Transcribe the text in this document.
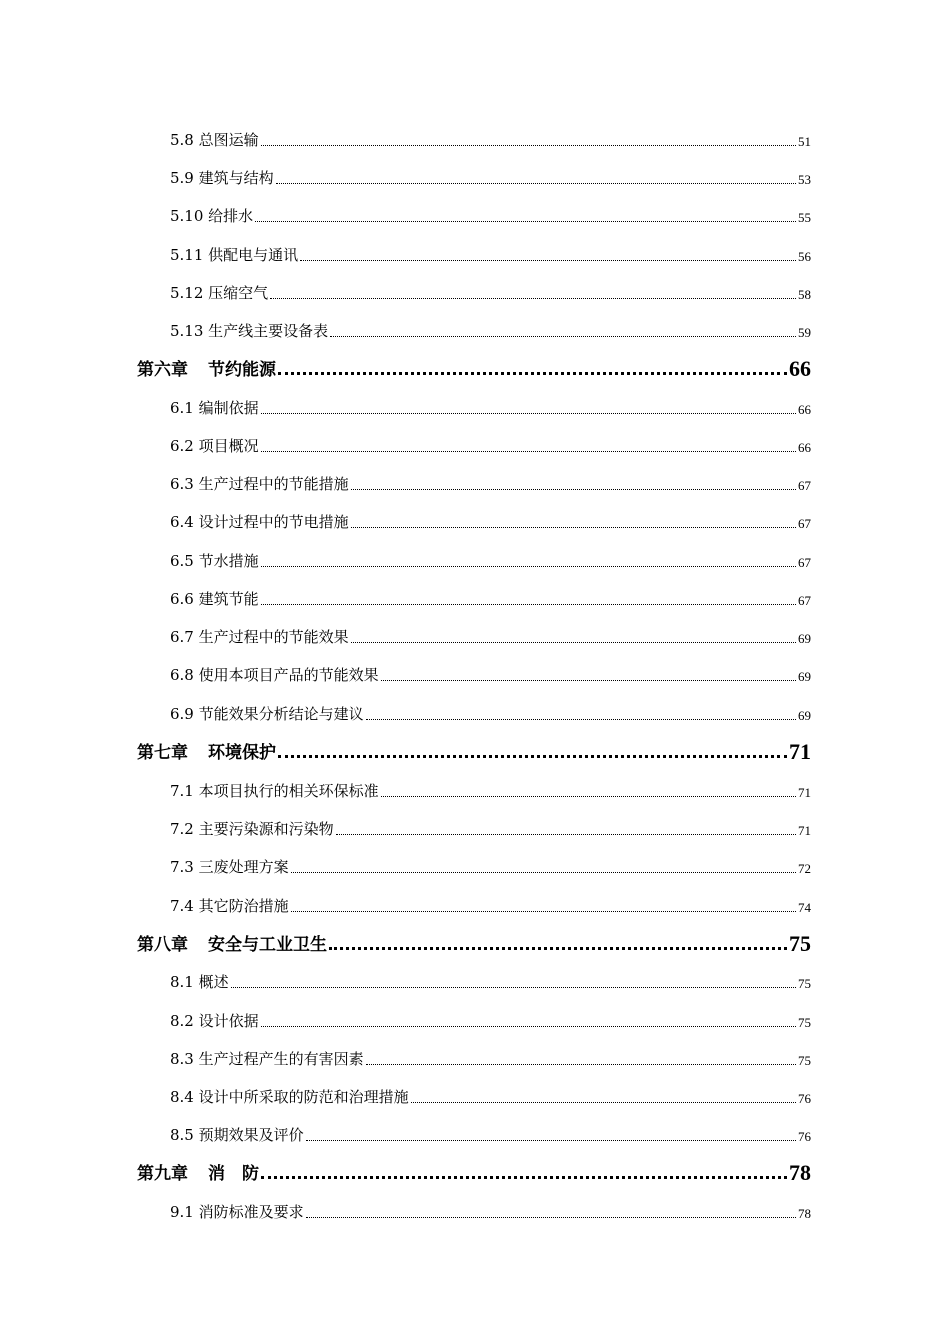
5.8 总图运输	51
5.9 建筑与结构	53
5.10 给排水	55
5.11 供配电与通讯	56
5.12 压缩空气	58
5.13 生产线主要设备表	59
第六章 节约能源	66
6.1 编制依据	66
6.2 项目概况	66
6.3 生产过程中的节能措施	67
6.4 设计过程中的节电措施	67
6.5 节水措施	67
6.6 建筑节能	67
6.7 生产过程中的节能效果	69
6.8 使用本项目产品的节能效果	69
6.9 节能效果分析结论与建议	69
第七章 环境保护	71
7.1 本项目执行的相关环保标准	71
7.2 主要污染源和污染物	71
7.3 三废处理方案	72
7.4 其它防治措施	74
第八章 安全与工业卫生	75
8.1 概述	75
8.2 设计依据	75
8.3 生产过程产生的有害因素	75
8.4 设计中所采取的防范和治理措施	76
8.5 预期效果及评价	76
第九章 消　防	78
9.1 消防标准及要求	78
